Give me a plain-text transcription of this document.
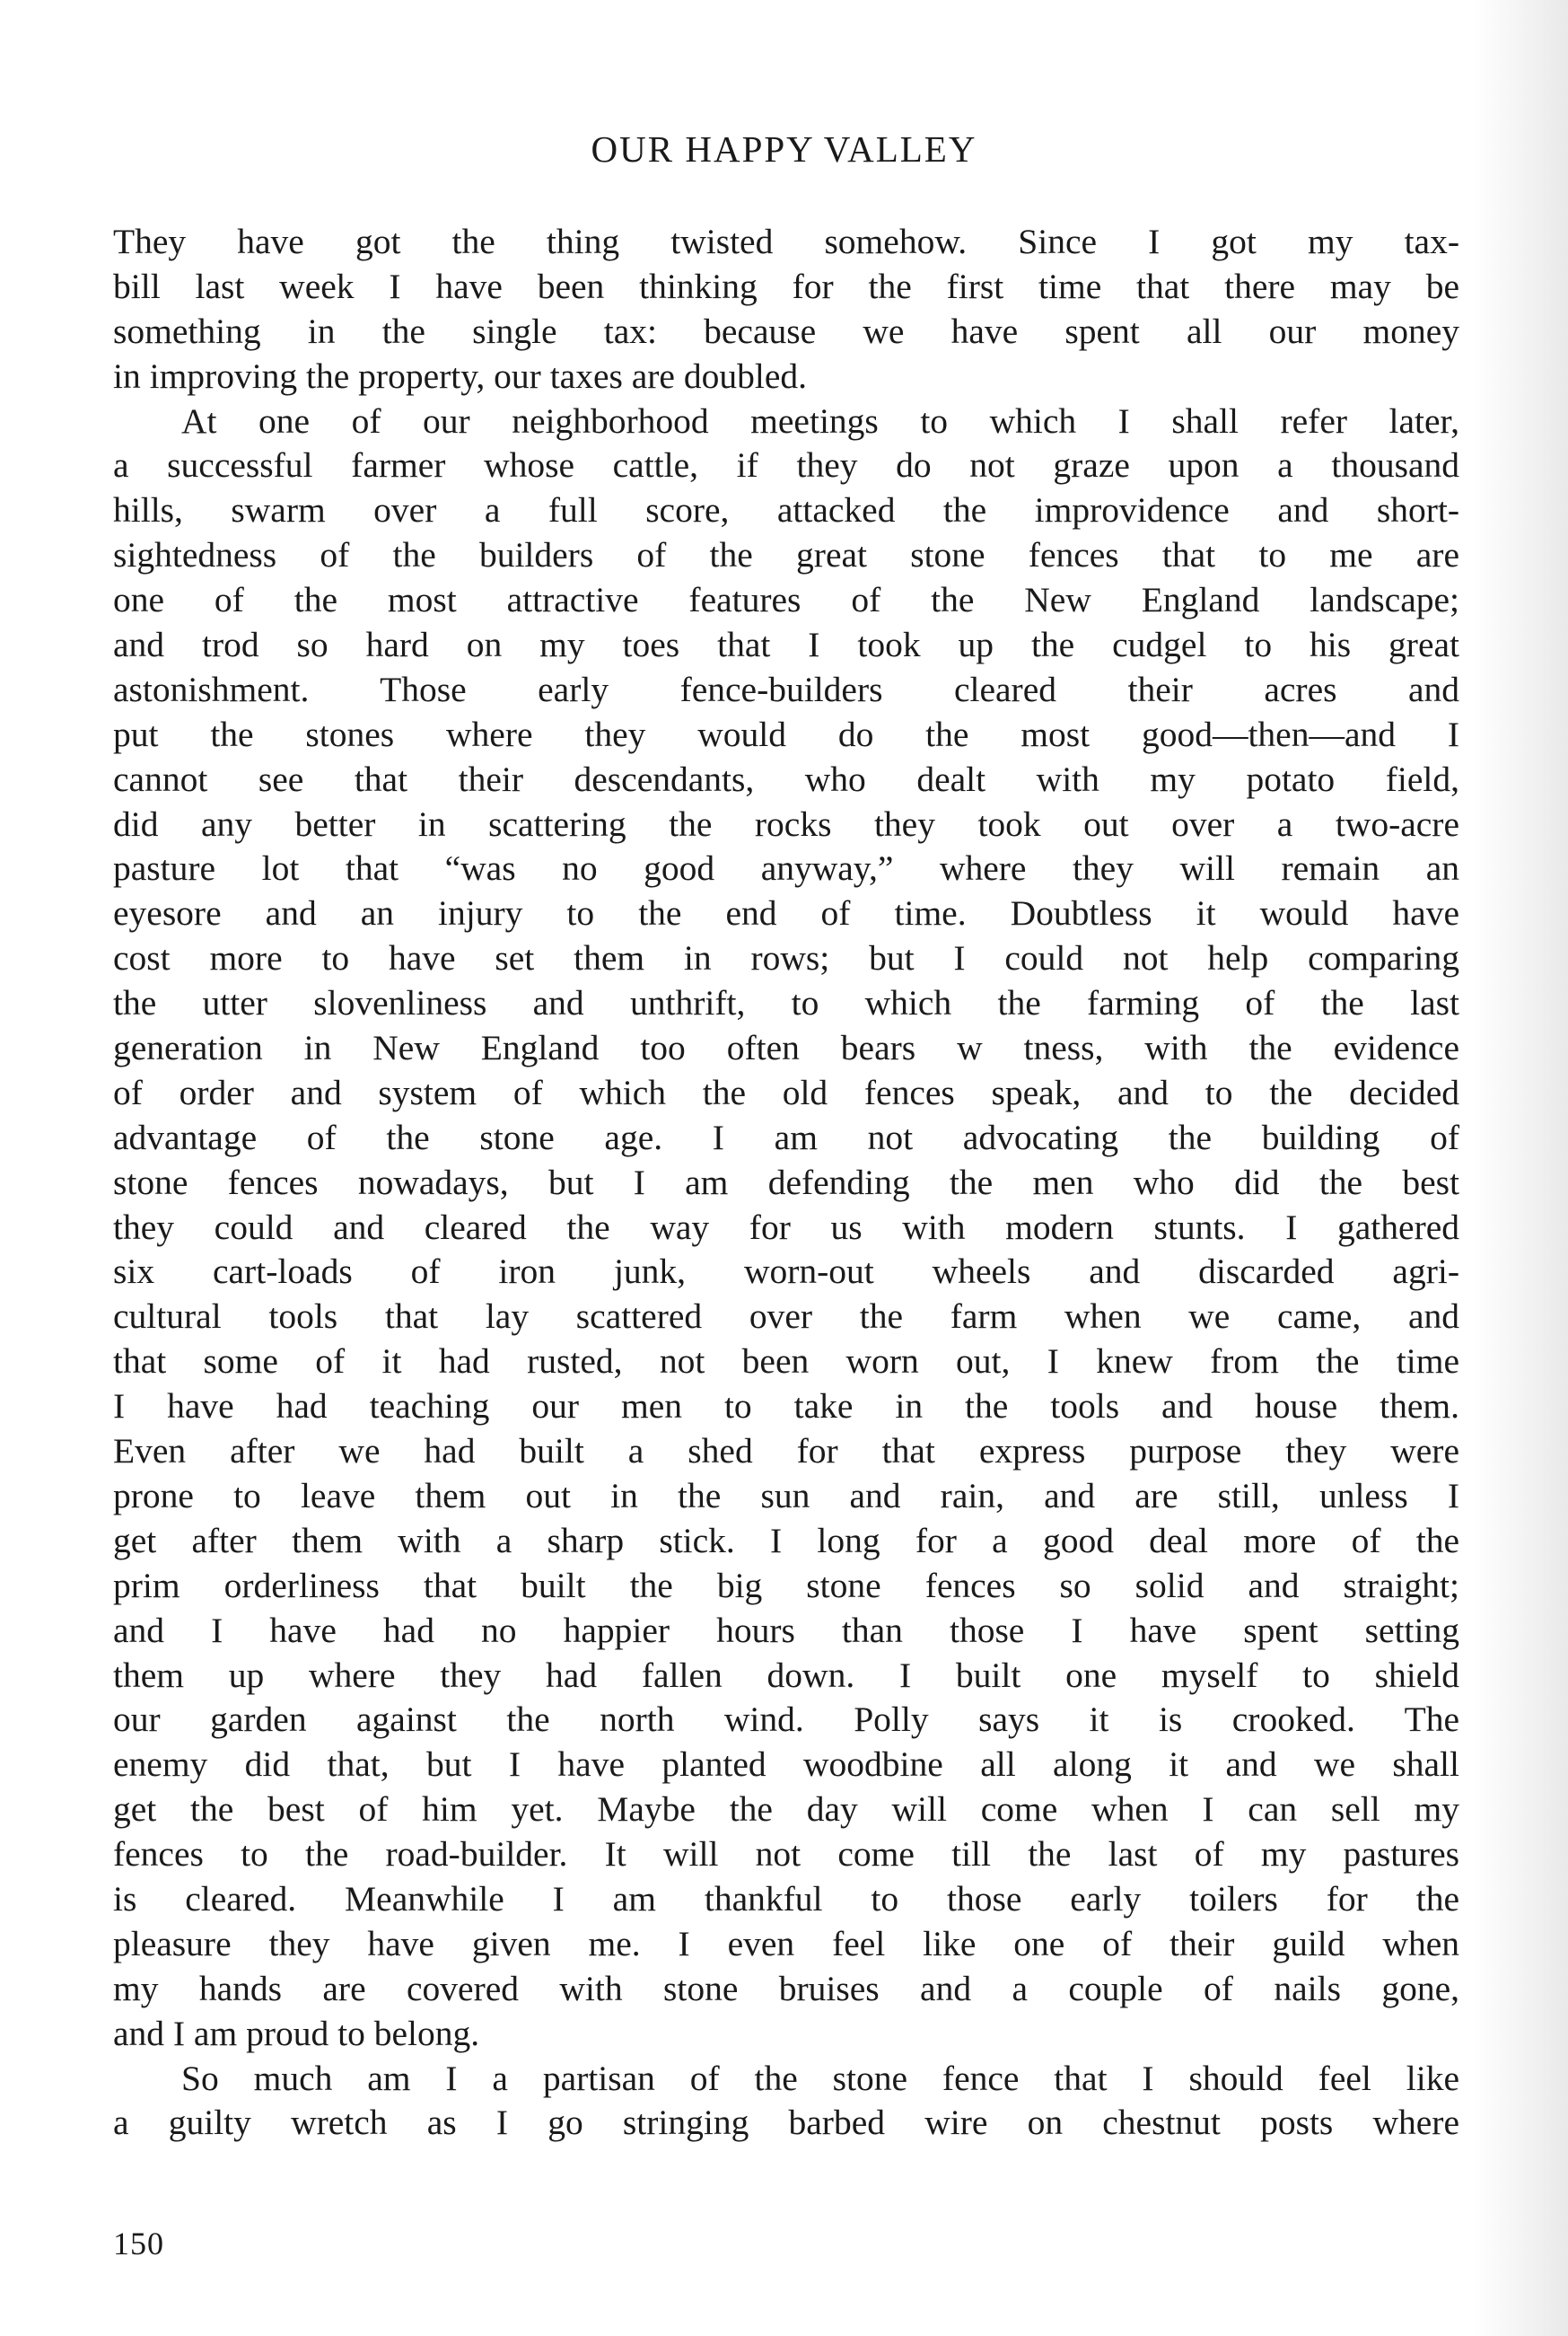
OUR HAPPY VALLEY
They have got the thing twisted somehow. Since I got my tax-
bill last week I have been thinking for the first time that there may be
something in the single tax: because we have spent all our money
in improving the property, our taxes are doubled.
At one of our neighborhood meetings to which I shall refer later,
a successful farmer whose cattle, if they do not graze upon a thousand
hills, swarm over a full score, attacked the improvidence and short-
sightedness of the builders of the great stone fences that to me are
one of the most attractive features of the New England landscape;
and trod so hard on my toes that I took up the cudgel to his great
astonishment. Those early fence-builders cleared their acres and
put the stones where they would do the most good—then—and I
cannot see that their descendants, who dealt with my potato field,
did any better in scattering the rocks they took out over a two-acre
pasture lot that “was no good anyway,” where they will remain an
eyesore and an injury to the end of time. Doubtless it would have
cost more to have set them in rows; but I could not help comparing
the utter slovenliness and unthrift, to which the farming of the last
generation in New England too often bears w tness, with the evidence
of order and system of which the old fences speak, and to the decided
advantage of the stone age. I am not advocating the building of
stone fences nowadays, but I am defending the men who did the best
they could and cleared the way for us with modern stunts. I gathered
six cart-loads of iron junk, worn-out wheels and discarded agri-
cultural tools that lay scattered over the farm when we came, and
that some of it had rusted, not been worn out, I knew from the time
I have had teaching our men to take in the tools and house them.
Even after we had built a shed for that express purpose they were
prone to leave them out in the sun and rain, and are still, unless I
get after them with a sharp stick. I long for a good deal more of the
prim orderliness that built the big stone fences so solid and straight;
and I have had no happier hours than those I have spent setting
them up where they had fallen down. I built one myself to shield
our garden against the north wind. Polly says it is crooked. The
enemy did that, but I have planted woodbine all along it and we shall
get the best of him yet. Maybe the day will come when I can sell my
fences to the road-builder. It will not come till the last of my pastures
is cleared. Meanwhile I am thankful to those early toilers for the
pleasure they have given me. I even feel like one of their guild when
my hands are covered with stone bruises and a couple of nails gone,
and I am proud to belong.
So much am I a partisan of the stone fence that I should feel like
a guilty wretch as I go stringing barbed wire on chestnut posts where
150
